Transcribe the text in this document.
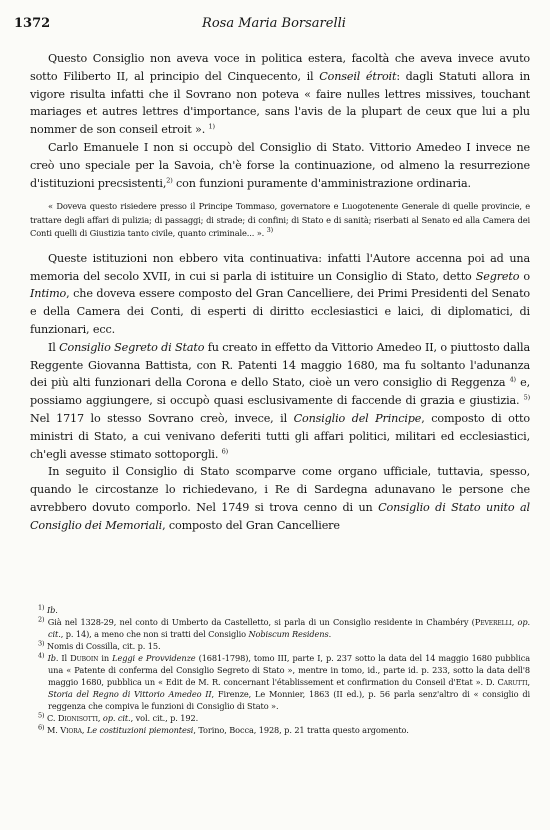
1372	Rosa Maria Borsarelli

Questo Consiglio non aveva voce in politica estera, facoltà che aveva invece avuto sotto Filiberto II, al principio del Cinquecento, il Conseil étroit: dagli Statuti allora in vigore risulta infatti che il Sovrano non poteva « faire nulles lettres missives, touchant mariages et autres lettres d'importance, sans l'avis de la plupart de ceux que lui a plu nommer de son conseil etroit ». $^{1)}$

Carlo Emanuele I non si occupò del Consiglio di Stato. Vittorio Amedeo I invece ne creò uno speciale per la Savoia, ch'è forse la continuazione, od almeno la resurrezione d'istituzioni precsistenti,$^{2)}$ con funzioni puramente d'amministrazione ordinaria.

« Doveva questo risiedere presso il Principe Tommaso, governatore e Luogotenente Generale di quelle provincie, e trattare degli affari di pulizia; di passaggi; di strade; di confini; di Stato e di sanità; riserbati al Senato ed alla Camera dei Conti quelli di Giustizia tanto civile, quanto criminale... ». $^{3)}$

Queste istituzioni non ebbero vita continuativa: infatti l'Autore accenna poi ad una memoria del secolo XVII, in cui si parla di istituire un Consiglio di Stato, detto Segreto o Intimo, che doveva essere composto del Gran Cancelliere, dei Primi Presidenti del Senato e della Camera dei Conti, di esperti di diritto ecclesiastici e laici, di diplomatici, di funzionari, ecc.

Il Consiglio Segreto di Stato fu creato in effetto da Vittorio Amedeo II, o piuttosto dalla Reggente Giovanna Battista, con R. Patenti 14 maggio 1680, ma fu soltanto l'adunanza dei più alti funzionari della Corona e dello Stato, cioè un vero consiglio di Reggenza $^{4)}$ e, possiamo aggiungere, si occupò quasi esclusivamente di faccende di grazia e giustizia. $^{5)}$ Nel 1717 lo stesso Sovrano creò, invece, il Consiglio del Principe, composto di otto ministri di Stato, a cui venivano deferiti tutti gli affari politici, militari ed ecclesiastici, ch'egli avesse stimato sottoporgli. $^{6)}$

In seguito il Consiglio di Stato scomparve come organo ufficiale, tuttavia, spesso, quando le circostanze lo richiedevano, i Re di Sardegna adunavano le persone che avrebbero dovuto comporlo. Nel 1749 si trova cenno di un Consiglio di Stato unito al Consiglio dei Memoriali, composto del Gran Cancelliere

$^{1)}$ Ib.
$^{2)}$ Già nel 1328-29, nel conto di Umberto da Castelletto, si parla di un Consiglio residente in Chambéry (Peverelli, op. cit., p. 14), a meno che non si tratti del Consiglio Nobiscum Residens.
$^{3)}$ Nomis di Cossilla, cit. p. 15.
$^{4)}$ Ib. Il Duboin in Leggi e Provvidenze (1681-1798), tomo III, parte I, p. 237 sotto la data del 14 maggio 1680 pubblica una « Patente di conferma del Consiglio Segreto di Stato », mentre in tomo, id., parte id. p. 233, sotto la data dell'8 maggio 1680, pubblica un « Edit de M. R. concernant l'établissement et confirmation du Conseil d'Etat ». D. Carutti, Storia del Regno di Vittorio Amedeo II, Firenze, Le Monnier, 1863 (II ed.), p. 56 parla senz'altro di « consiglio di reggenza che compiva le funzioni di Consiglio di Stato ».
$^{5)}$ C. Dionisotti, op. cit., vol. cit., p. 192.
$^{6)}$ M. Viora, Le costituzioni piemontesi, Torino, Bocca, 1928, p. 21 tratta questo argomento.
